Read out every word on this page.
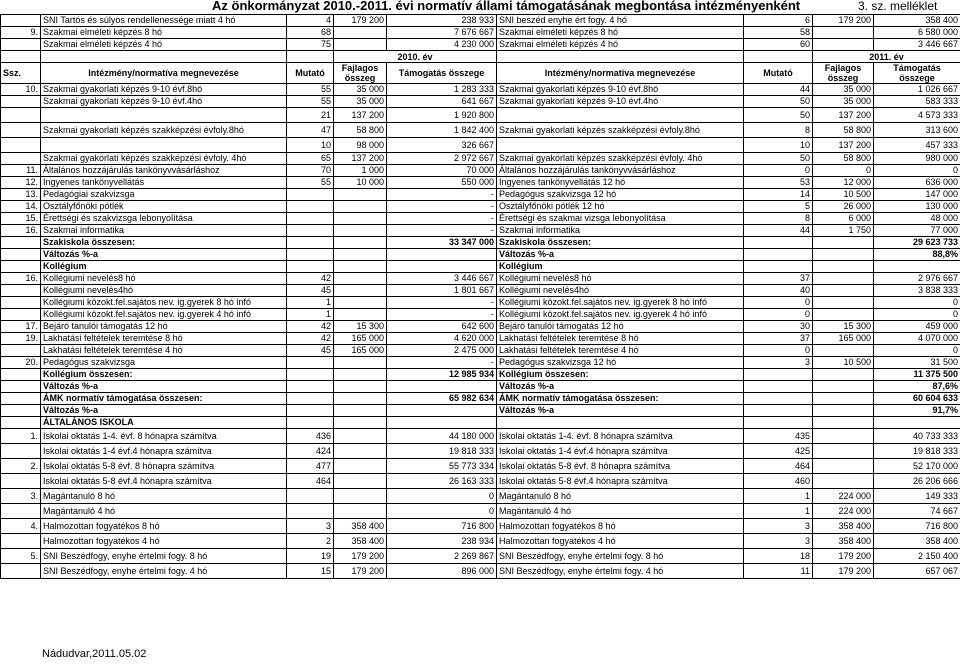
Az önkormányzat 2010.-2011. évi normatív állami támogatásának megbontása intézményenként	3. sz. melléklet
	SNI Tartós és súlyos rendellenessége miatt 4 hó	4	179 200	238 933	SNI beszéd enyhe ért fogy. 4 hó	6	179 200	358 400
9.	Szakmai elméleti képzés 8 hó	68		7 676 667	Szakmai elméleti képzés 8 hó	58		6 580 000
	Szakmai elméleti képzés 4 hó	75		4 230 000	Szakmai elméleti képzés 4 hó	60		3 446 667
			2010. év				2011. év	
Ssz.	Intézmény/normatíva megnevezése	Mutató	Fajlagos összeg	Támogatás összege	Intézmény/normatíva megnevezése	Mutató	Fajlagos összeg	Támogatás összege
10.	Szakmai gyakorlati képzés 9-10 évf.8hó	55	35 000	1 283 333	Szakmai gyakorlati képzés 9-10 évf.8hó	44	35 000	1 026 667
	Szakmai gyakorlati képzés 9-10 évf.4hó	55	35 000	641 667	Szakmai gyakorlati képzés 9-10 évf.4hó	50	35 000	583 333
		21	137 200	1 920 800		50	137 200	4 573 333
	Szakmai gyakorlati képzés szakképzési évfoly.8hó	47	58 800	1 842 400	Szakmai gyakorlati képzés szakképzési évfoly.8hó	8	58 800	313 600
		10	98 000	326 667		10	137 200	457 333
	Szakmai gyakorlati képzés szakképzési évfoly. 4hó	65	137 200	2 972 667	Szakmai gyakorlati képzés szakképzési évfoly. 4hó	50	58 800	980 000
11.	Általános hozzájárulás tankönyvvásárláshoz	70	1 000	70 000	Általános hozzájárulás tankönyvvásárláshoz	0	0	0
12.	Ingyenes tankönyvellátás	55	10 000	550 000	Ingyenes tankönyvellátás 12 hó	53	12 000	636 000
13.	Pedagógiai szakvizsga			-	Pedagógus szakvizsga 12 hó	14	10 500	147 000
14.	Osztályfőnöki pótlék			-	Osztályfőnöki pótlék 12 hó	5	26 000	130 000
15.	Érettségi és szakvizsga lebonyolítása			-	Érettségi és szakmai vizsga lebonyolítása	8	6 000	48 000
16.	Szakmai informatika			-	Szakmai informatika	44	1 750	77 000
	Szakiskola összesen:			33 347 000	Szakiskola összesen:			29 623 733
	Változás %-a				Változás %-a			88,8%
	Kollégium				Kollégium			
16.	Kollégiumi nevelés8 hó	42		3 446 667	Kollégiumi nevelés8 hó	37		2 976 667
	Kollégiumi nevelés4hó	45		1 801 667	Kollégiumi nevelés4hó	40		3 838 333
	Kollégiumi közokt.fel.sajátos nev. ig.gyerek 8 hó infó	1		-	Kollégiumi közokt.fel.sajátos nev. ig.gyerek 8 hó infó	0		0
	Kollégiumi közokt.fel.sajátos nev. ig.gyerek 4 hó infó	1		-	Kollégiumi közokt.fel.sajátos nev. ig.gyerek 4 hó infó	0		0
17.	Bejáró tanulói támogatás 12 hó	42	15 300	642 600	Bejáró tanulói támogatás 12 hó	30	15 300	459 000
19.	Lakhatási feltételek teremtése 8 hó	42	165 000	4 620 000	Lakhatási feltételek teremtése 8 hó	37	165 000	4 070 000
	Lakhatási feltételek teremtése 4 hó	45	165 000	2 475 000	Lakhatási feltételek teremtése 4 hó	0		0
20.	Pedagógus szakvizsga			-	Pedagógus szakvizsga 12 hó	3	10 500	31 500
	Kollégium összesen:			12 985 934	Kollégium összesen:			11 375 500
	Változás %-a				Változás %-a			87,6%
	ÁMK normatív támogatása összesen:			65 982 634	ÁMK normatív támogatása összesen:			60 604 633
	Változás %-a				Változás %-a			91,7%
	ÁLTALÁNOS ISKOLA							
1.	Iskolai oktatás 1-4. évf. 8 hónapra számítva	436		44 180 000	Iskolai oktatás 1-4. évf. 8 hónapra számítva	435		40 733 333
	Iskolai oktatás 1-4 évf.4 hónapra számítva	424		19 818 333	Iskolai oktatás 1-4 évf.4 hónapra számítva	425		19 818 333
2.	Iskolai oktatás 5-8 évf. 8 hónapra számítva	477		55 773 334	Iskolai oktatás 5-8 évf. 8 hónapra számítva	464		52 170 000
	Iskolai oktatás 5-8 évf.4 hónapra számítva	464		26 163 333	Iskolai oktatás 5-8 évf.4 hónapra számítva	460		26 206 666
3.	Magántanuló 8 hó			0	Magántanuló 8 hó	1	224 000	149 333
	Magántanuló 4 hó			0	Magántanuló 4 hó	1	224 000	74 667
4.	Halmozottan fogyatékos 8 hó	3	358 400	716 800	Halmozottan fogyatékos 8 hó	3	358 400	716 800
	Halmozottan fogyatékos 4 hó	2	358 400	238 934	Halmozottan fogyatékos 4 hó	3	358 400	358 400
5.	SNI Beszédfogy, enyhe értelmi fogy. 8 hó	19	179 200	2 269 867	SNI Beszédfogy, enyhe értelmi fogy. 8 hó	18	179 200	2 150 400
	SNI Beszédfogy, enyhe értelmi fogy. 4 hó	15	179 200	896 000	SNI Beszédfogy, enyhe értelmi fogy. 4 hó	11	179 200	657 067
Nádudvar,2011.05.02
